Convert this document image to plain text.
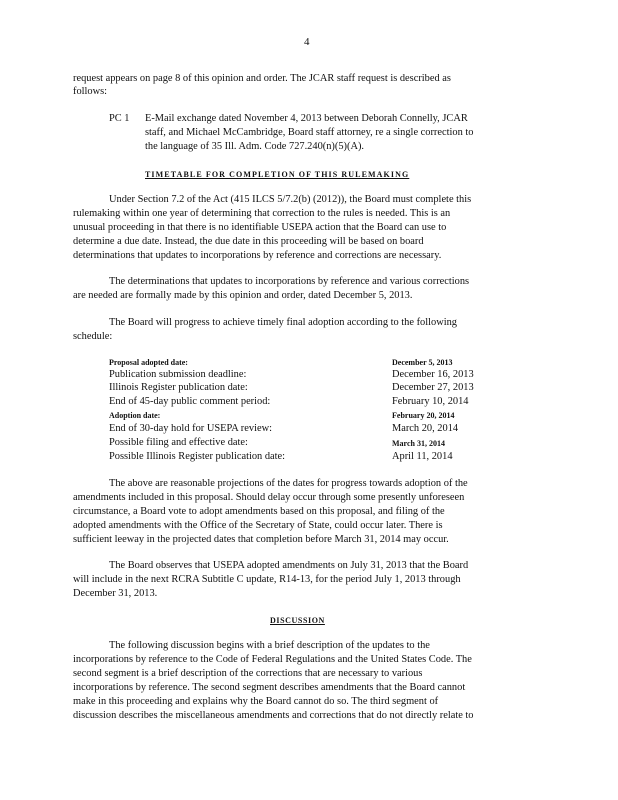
4
request appears on page 8 of this opinion and order. The JCAR staff request is described as
follows:
PC 1 E-Mail exchange dated November 4, 2013 between Deborah Connelly, JCAR
staff, and Michael McCambridge, Board staff attorney, re a single correction to
the language of 35 Ill. Adm. Code 727.240(n)(5)(A).
TIMETABLE FOR COMPLETION OF THIS RULEMAKING
Under Section 7.2 of the Act (415 ILCS 5/7.2(b) (2012)), the Board must complete this
rulemaking within one year of determining that correction to the rules is needed. This is an
unusual proceeding in that there is no identifiable USEPA action that the Board can use to
determine a due date. Instead, the due date in this proceeding will be based on board
determinations that updates to incorporations by reference and corrections are necessary.
The determinations that updates to incorporations by reference and various corrections
are needed are formally made by this opinion and order, dated December 5, 2013.
The Board will progress to achieve timely final adoption according to the following
schedule:
Proposal adopted date:	December 5, 2013
Publication submission deadline:	December 16, 2013
Illinois Register publication date:	December 27, 2013
End of 45-day public comment period:	February 10, 2014
Adoption date:	February 20, 2014
End of 30-day hold for USEPA review:	March 20, 2014
Possible filing and effective date:	March 31, 2014
Possible Illinois Register publication date:	April 11, 2014
The above are reasonable projections of the dates for progress towards adoption of the
amendments included in this proposal. Should delay occur through some presently unforeseen
circumstance, a Board vote to adopt amendments based on this proposal, and filing of the
adopted amendments with the Office of the Secretary of State, could occur later. There is
sufficient leeway in the projected dates that completion before March 31, 2014 may occur.
The Board observes that USEPA adopted amendments on July 31, 2013 that the Board
will include in the next RCRA Subtitle C update, R14-13, for the period July 1, 2013 through
December 31, 2013.
DISCUSSION
The following discussion begins with a brief description of the updates to the
incorporations by reference to the Code of Federal Regulations and the United States Code. The
second segment is a brief description of the corrections that are necessary to various
incorporations by reference. The second segment describes amendments that the Board cannot
make in this proceeding and explains why the Board cannot do so. The third segment of
discussion describes the miscellaneous amendments and corrections that do not directly relate to
